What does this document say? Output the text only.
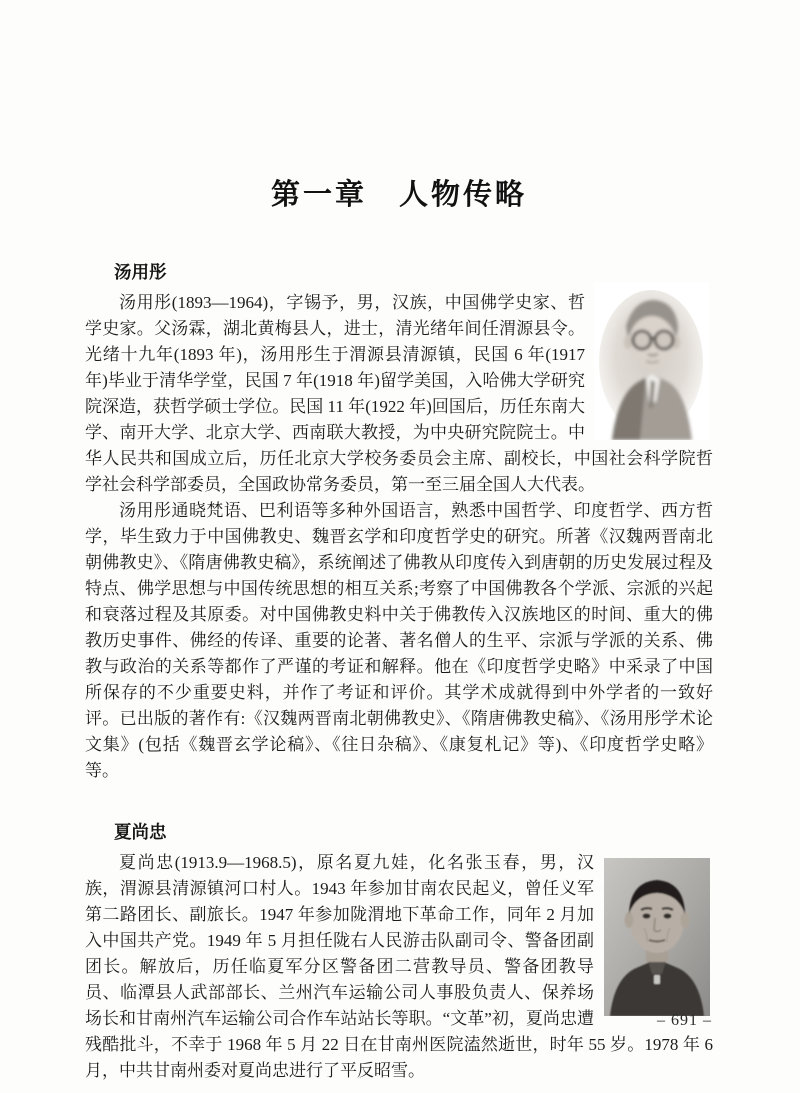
第一章　人物传略
汤用彤

汤用彤(1893—1964)，字锡予，男，汉族，中国佛学史家、哲学史家。父汤霖，湖北黄梅县人，进士，清光绪年间任渭源县令。光绪十九年(1893 年)，汤用彤生于渭源县清源镇，民国 6 年(1917 年)毕业于清华学堂，民国 7 年(1918 年)留学美国，入哈佛大学研究院深造，获哲学硕士学位。民国 11 年(1922 年)回国后，历任东南大学、南开大学、北京大学、西南联大教授，为中央研究院院士。中华人民共和国成立后，历任北京大学校务委员会主席、副校长，中国社会科学院哲学社会科学部委员，全国政协常务委员，第一至三届全国人大代表。

汤用彤通晓梵语、巴利语等多种外国语言，熟悉中国哲学、印度哲学、西方哲学，毕生致力于中国佛教史、魏晋玄学和印度哲学史的研究。所著《汉魏两晋南北朝佛教史》、《隋唐佛教史稿》，系统阐述了佛教从印度传入到唐朝的历史发展过程及特点、佛学思想与中国传统思想的相互关系;考察了中国佛教各个学派、宗派的兴起和衰落过程及其原委。对中国佛教史料中关于佛教传入汉族地区的时间、重大的佛教历史事件、佛经的传译、重要的论著、著名僧人的生平、宗派与学派的关系、佛教与政治的关系等都作了严谨的考证和解释。他在《印度哲学史略》中采录了中国所保存的不少重要史料，并作了考证和评价。其学术成就得到中外学者的一致好评。已出版的著作有:《汉魏两晋南北朝佛教史》、《隋唐佛教史稿》、《汤用彤学术论文集》(包括《魏晋玄学论稿》、《往日杂稿》、《康复札记》等)、《印度哲学史略》等。

夏尚忠

夏尚忠(1913.9—1968.5)，原名夏九娃，化名张玉春，男，汉族，渭源县清源镇河口村人。1943 年参加甘南农民起义，曾任义军第二路团长、副旅长。1947 年参加陇渭地下革命工作，同年 2 月加入中国共产党。1949 年 5 月担任陇右人民游击队副司令、警备团副团长。解放后，历任临夏军分区警备团二营教导员、警备团教导员、临潭县人武部部长、兰州汽车运输公司人事股负责人、保养场场长和甘南州汽车运输公司合作车站站长等职。“文革”初，夏尚忠遭残酷批斗，不幸于 1968 年 5 月 22 日在甘南州医院溘然逝世，时年 55 岁。1978 年 6 月，中共甘南州委对夏尚忠进行了平反昭雪。

– 691 –
